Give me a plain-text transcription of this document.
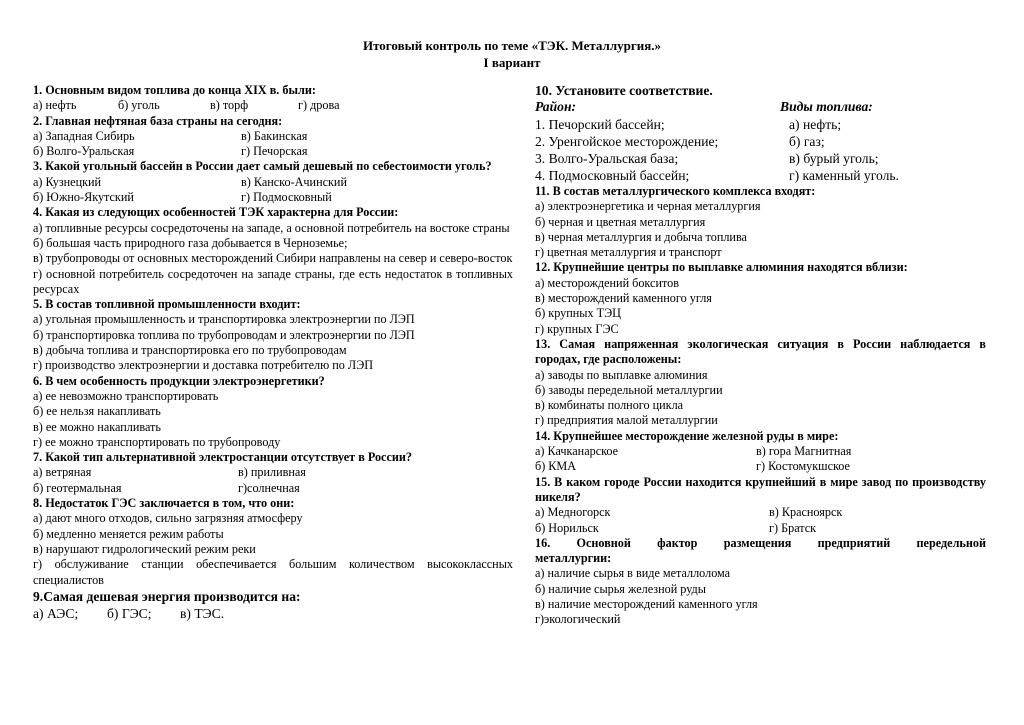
Итоговый контроль по теме «ТЭК. Металлургия.»
I вариант
1. Основным видом топлива до конца XIX в. были:
а) нефть	б) уголь	в) торф	г) дрова
2. Главная нефтяная база страны на сегодня:
а) Западная Сибирь	в) Бакинская
б) Волго-Уральская	г) Печорская
3. Какой угольный бассейн в России дает самый дешевый по себестоимости уголь?
а) Кузнецкий	в) Канско-Ачинский
б) Южно-Якутский	г) Подмосковный
4. Какая из следующих особенностей ТЭК характерна для России:
а) топливные ресурсы сосредоточены на западе, а основной потребитель на востоке страны
б) большая часть природного газа добывается в Черноземье;
в) трубопроводы от основных месторождений Сибири направлены на север и северо-восток
г) основной потребитель сосредоточен на западе страны, где есть недостаток в топливных ресурсах
5. В состав топливной промышленности входит:
а) угольная промышленность и транспортировка электроэнергии по ЛЭП
б) транспортировка топлива по трубопроводам и электроэнергии по ЛЭП
в) добыча топлива и транспортировка его по трубопроводам
г) производство электроэнергии и доставка потребителю по ЛЭП
6. В чем особенность продукции электроэнергетики?
а) ее невозможно транспортировать
б) ее нельзя накапливать
в) ее можно накапливать
г) ее можно транспортировать по трубопроводу
7. Какой тип альтернативной электростанции отсутствует в России?
а) ветряная	в) приливная
б) геотермальная	г)солнечная
8. Недостаток ГЭС заключается в том, что они:
а) дают много отходов, сильно загрязняя атмосферу
б) медленно меняется режим работы
в) нарушают гидрологический режим реки
г) обслуживание станции обеспечивается большим количеством высококлассных специалистов
9.Самая дешевая энергия производится на:
а) АЭС; б) ГЭС; в) ТЭС.
10. Установите соответствие.
Район:	Виды топлива:
1. Печорский бассейн;	а) нефть;
2. Уренгойское месторождение;	б) газ;
3. Волго-Уральская база;	в) бурый уголь;
4. Подмосковный бассейн;	г) каменный уголь.
11. В состав металлургического комплекса входят:
а) электроэнергетика и черная металлургия
б) черная и цветная металлургия
в) черная металлургия и добыча топлива
г) цветная металлургия и транспорт
12. Крупнейшие центры по выплавке алюминия находятся вблизи:
а) месторождений бокситов
в) месторождений каменного угля
б) крупных ТЭЦ
г) крупных ГЭС
13. Самая напряженная экологическая ситуация в России наблюдается в городах, где расположены:
а) заводы по выплавке алюминия
б) заводы передельной металлургии
в) комбинаты полного цикла
г) предприятия малой металлургии
14. Крупнейшее месторождение железной руды в мире:
а) Качканарское	в) гора Магнитная
б) КМА	г) Костомукшское
15. В каком городе России находится крупнейший в мире завод по производству никеля?
а) Медногорск	в) Красноярск
б) Норильск	г) Братск
16. Основной фактор размещения предприятий передельной металлургии:
а) наличие сырья в виде металлолома
б) наличие сырья железной руды
в) наличие месторождений каменного угля
г)экологический
